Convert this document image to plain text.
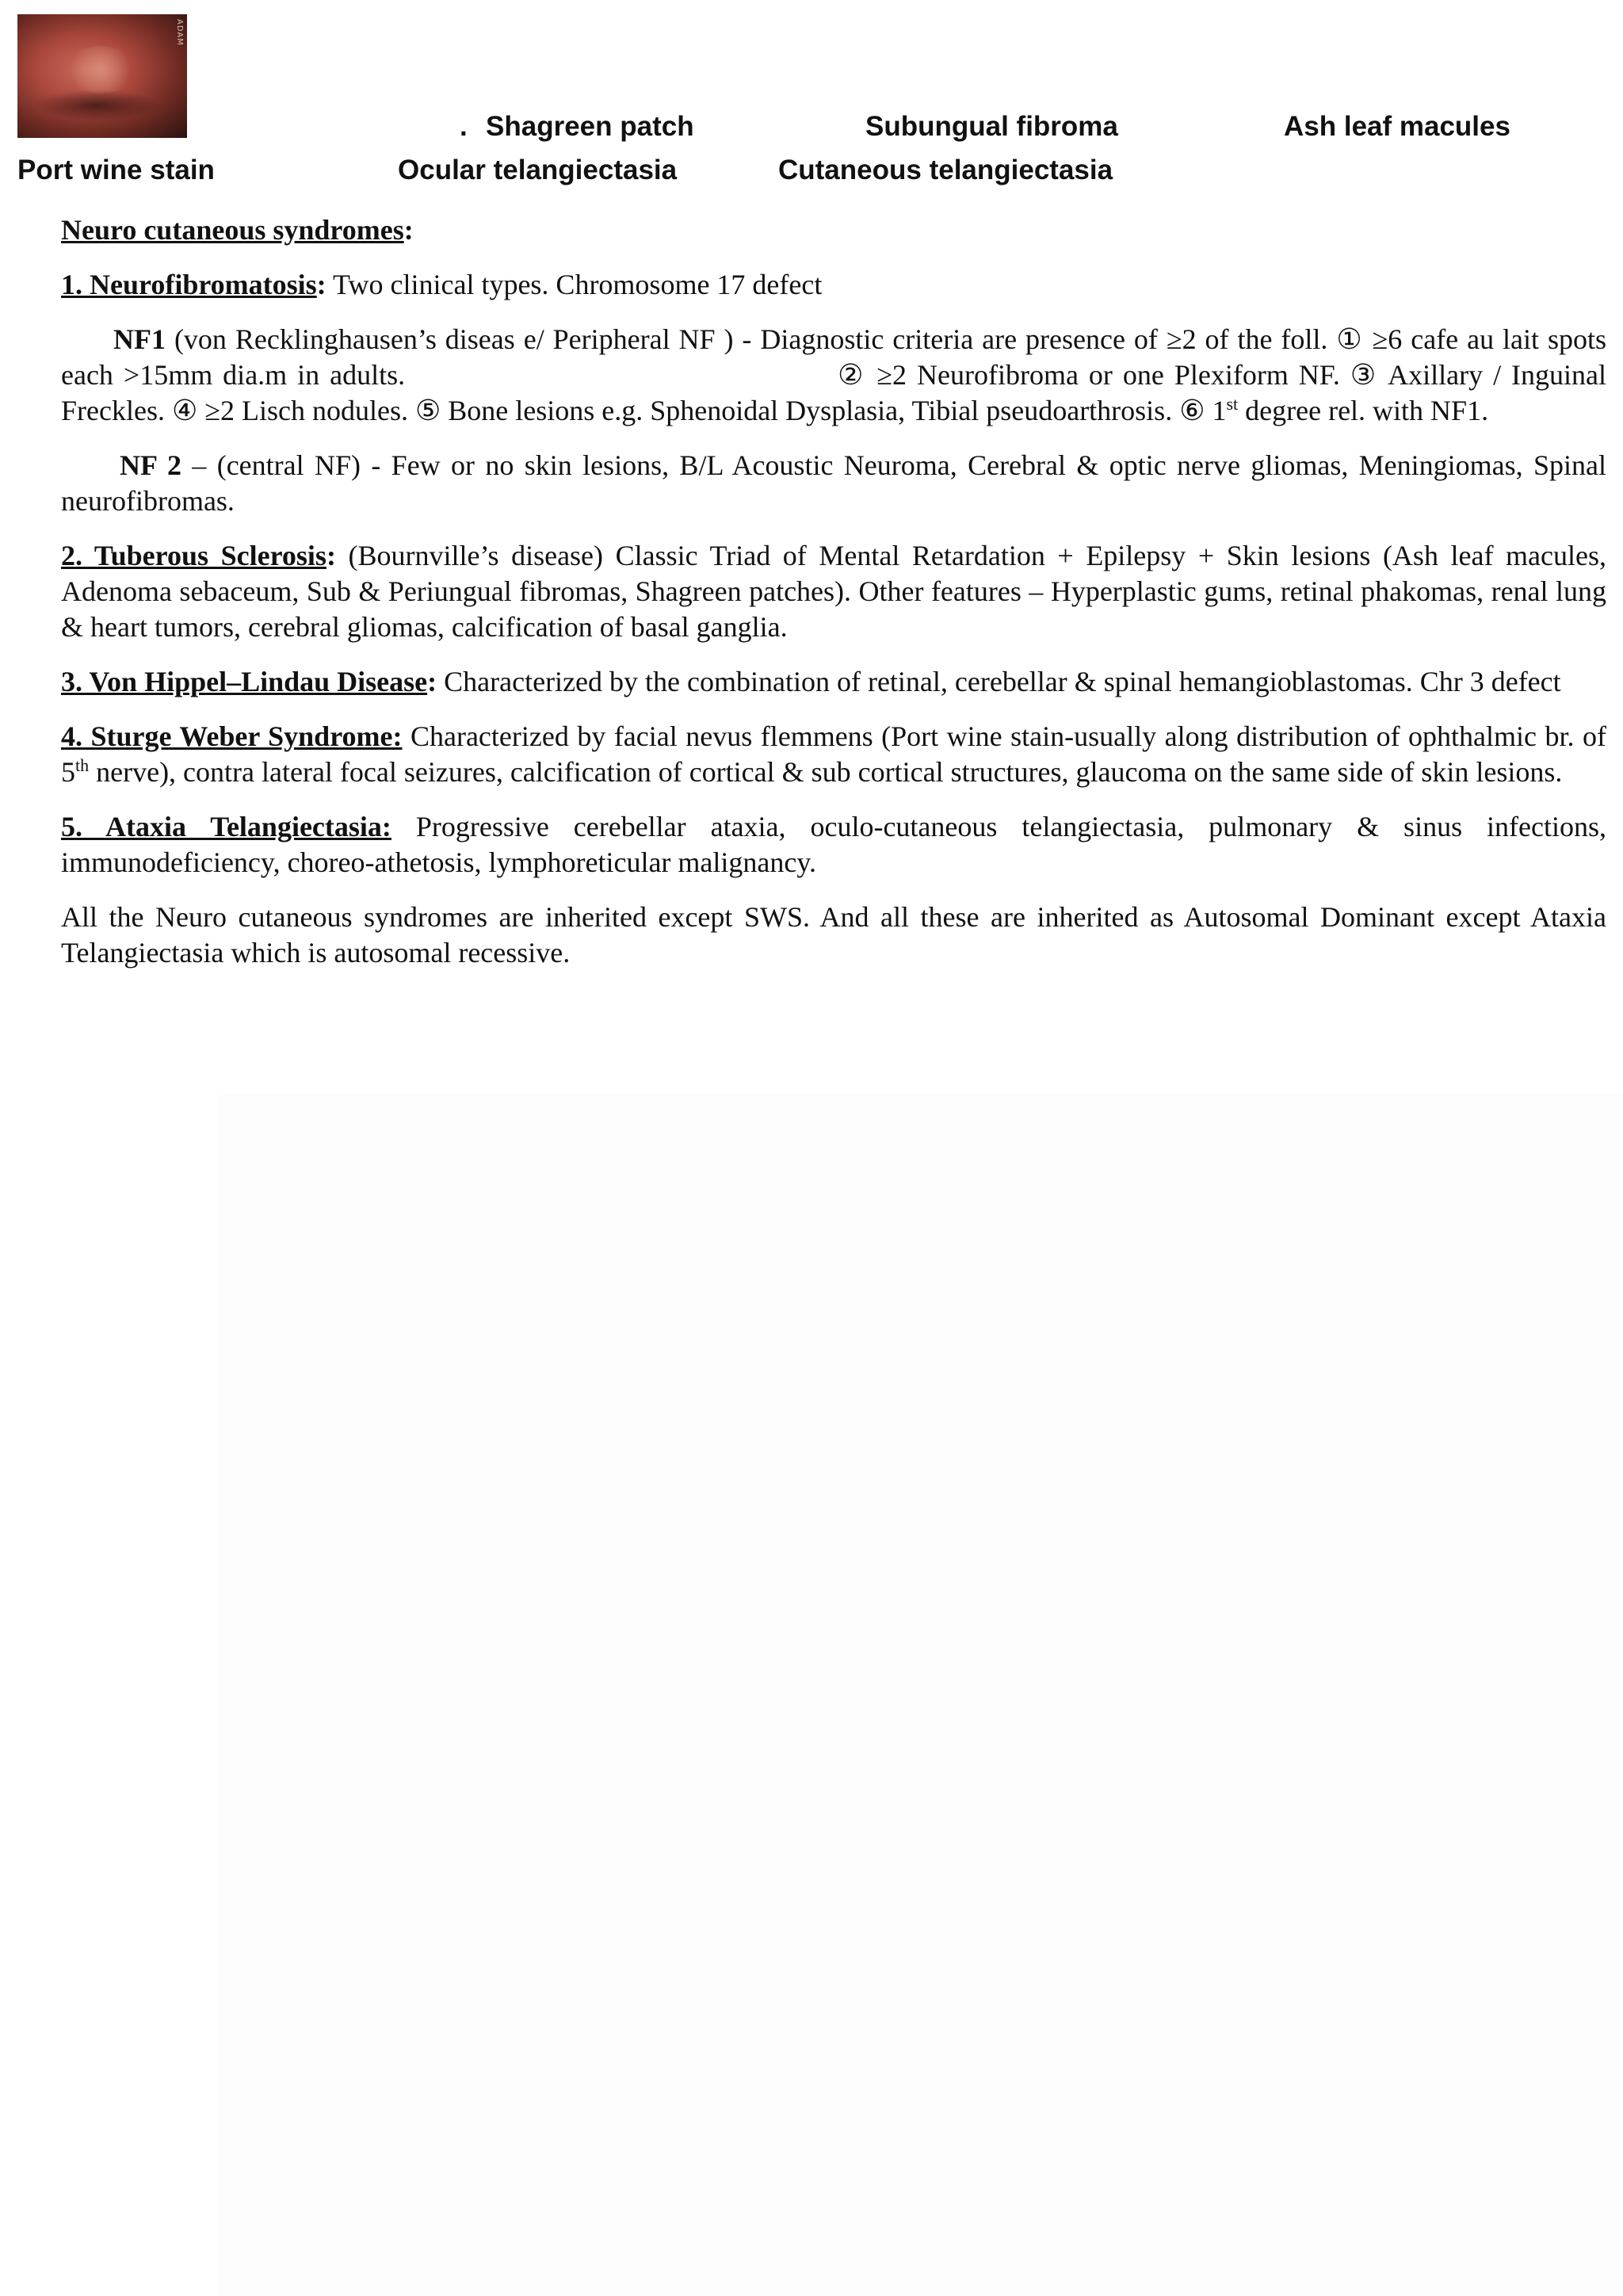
ADAM
. Shagreen patch	Subungual fibroma	Ash leaf macules
Port wine stain	Ocular telangiectasia	Cutaneous telangiectasia

Neuro cutaneous syndromes:

1. Neurofibromatosis: Two clinical types. Chromosome 17 defect

NF1 (von Recklinghausen’s diseas e/ Peripheral NF ) - Diagnostic criteria are presence of ≥2 of the foll. ① ≥6 cafe au lait spots each >15mm dia.m in adults.	② ≥2 Neurofibroma or one Plexiform NF. ③ Axillary / Inguinal Freckles. ④ ≥2 Lisch nodules. ⑤ Bone lesions e.g. Sphenoidal Dysplasia, Tibial pseudoarthrosis. ⑥ 1st degree rel. with NF1.

NF 2 – (central NF) - Few or no skin lesions, B/L Acoustic Neuroma, Cerebral & optic nerve gliomas, Meningiomas, Spinal neurofibromas.

2. Tuberous Sclerosis: (Bournville’s disease) Classic Triad of Mental Retardation + Epilepsy + Skin lesions (Ash leaf macules, Adenoma sebaceum, Sub & Periungual fibromas, Shagreen patches). Other features – Hyperplastic gums, retinal phakomas, renal lung & heart tumors, cerebral gliomas, calcification of basal ganglia.

3. Von Hippel–Lindau Disease: Characterized by the combination of retinal, cerebellar & spinal hemangioblastomas. Chr 3 defect

4. Sturge Weber Syndrome: Characterized by facial nevus flemmens (Port wine stain-usually along distribution of ophthalmic br. of 5th nerve), contra lateral focal seizures, calcification of cortical & sub cortical structures, glaucoma on the same side of skin lesions.

5. Ataxia Telangiectasia: Progressive cerebellar ataxia, oculo-cutaneous telangiectasia, pulmonary & sinus infections, immunodeficiency, choreo-athetosis, lymphoreticular malignancy.

All the Neuro cutaneous syndromes are inherited except SWS. And all these are inherited as Autosomal Dominant except Ataxia Telangiectasia which is autosomal recessive.
